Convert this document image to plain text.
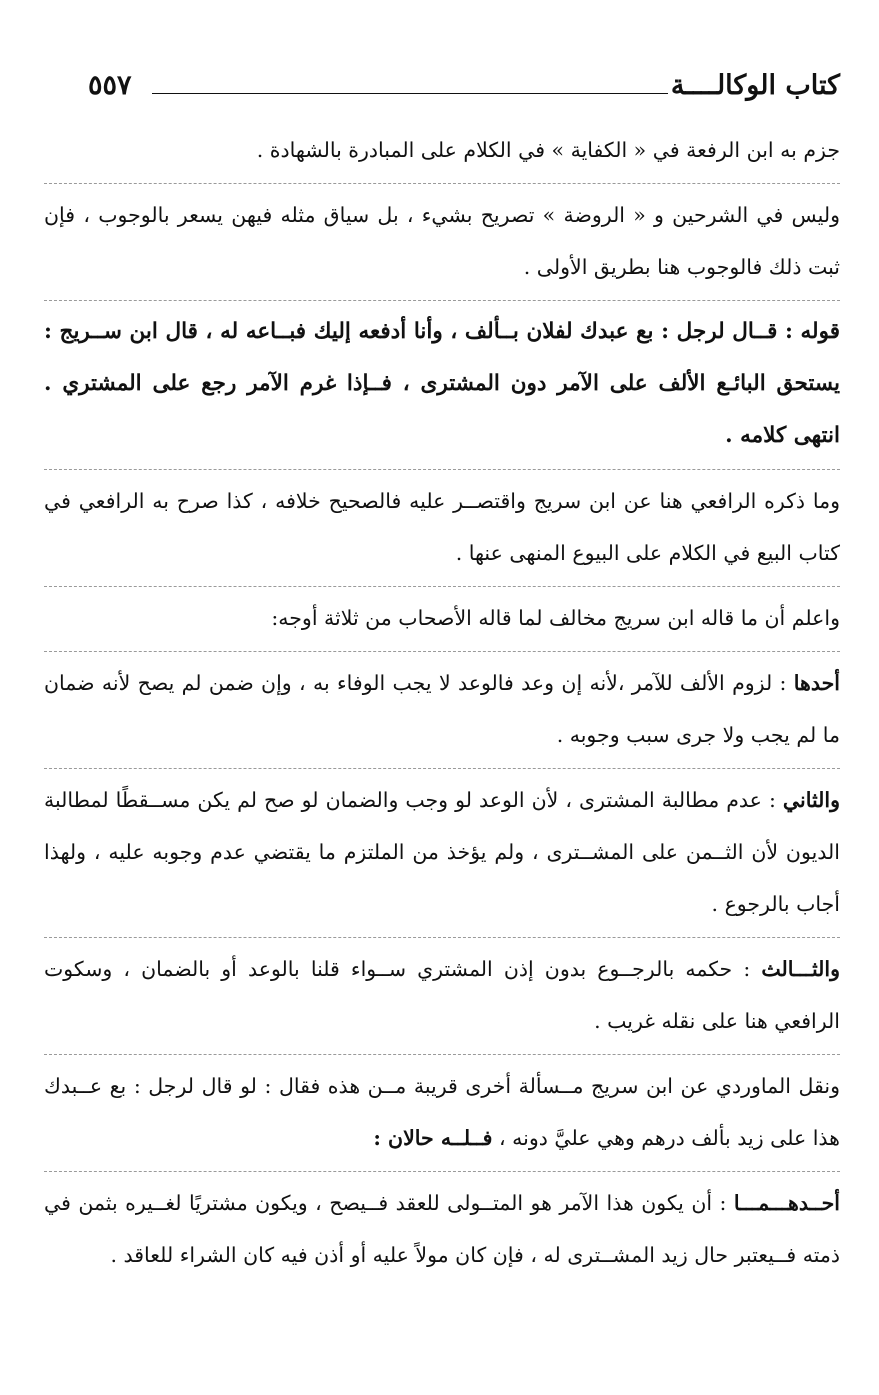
كتاب الوكالــــة
٥٥٧

جزم به ابن الرفعة في « الكفاية » في الكلام على المبادرة بالشهادة .

وليس في الشرحين و « الروضة » تصريح بشيء ، بل سياق مثله فيهن يسعر بالوجوب ، فإن ثبت ذلك فالوجوب هنا بطريق الأولى .

قوله : قــال لرجل : بع عبدك لفلان بــألف ، وأنا أدفعه إليك فبــاعه له ، قال ابن ســريج : يستحق البائـع الألف على الآمر دون المشترى ، فــإذا غرم الآمر رجع على المشتري . انتهى كلامه .

وما ذكره الرافعي هنا عن ابن سريج واقتصــر عليه فالصحيح خلافه ، كذا صرح به الرافعي في كتاب البيع في الكلام على البيوع المنهى عنها .

واعلم أن ما قاله ابن سريج مخالف لما قاله الأصحاب من ثلاثة أوجه:

أحدها : لزوم الألف للآمر ،لأنه إن وعد فالوعد لا يجب الوفاء به ، وإن ضمن لم يصح لأنه ضمان ما لم يجب ولا جرى سبب وجوبه .

والثاني : عدم مطالبة المشترى ، لأن الوعد لو وجب والضمان لو صح لم يكن مســقطًا لمطالبة الديون لأن الثــمن على المشــترى ، ولم يؤخذ من الملتزم ما يقتضي عدم وجوبه عليه ، ولهذا أجاب بالرجوع .

والثـــالث : حكمه بالرجــوع بدون إذن المشتري ســواء قلنا بالوعد أو بالضمان ، وسكوت الرافعي هنا على نقله غريب .

ونقل الماوردي عن ابن سريج مــسألة أخرى قريبة مــن هذه فقال : لو قال لرجل : بع عــبدك هذا على زيد بألف درهم وهي عليَّ دونه ، فــلــه حالان :

أحــدهـــمـــا : أن يكون هذا الآمر هو المتــولى للعقد فــيصح ، ويكون مشتريًا لغــيره بثمن في ذمته فــيعتبر حال زيد المشــترى له ، فإن كان مولاً عليه أو أذن فيه كان الشراء للعاقد .
